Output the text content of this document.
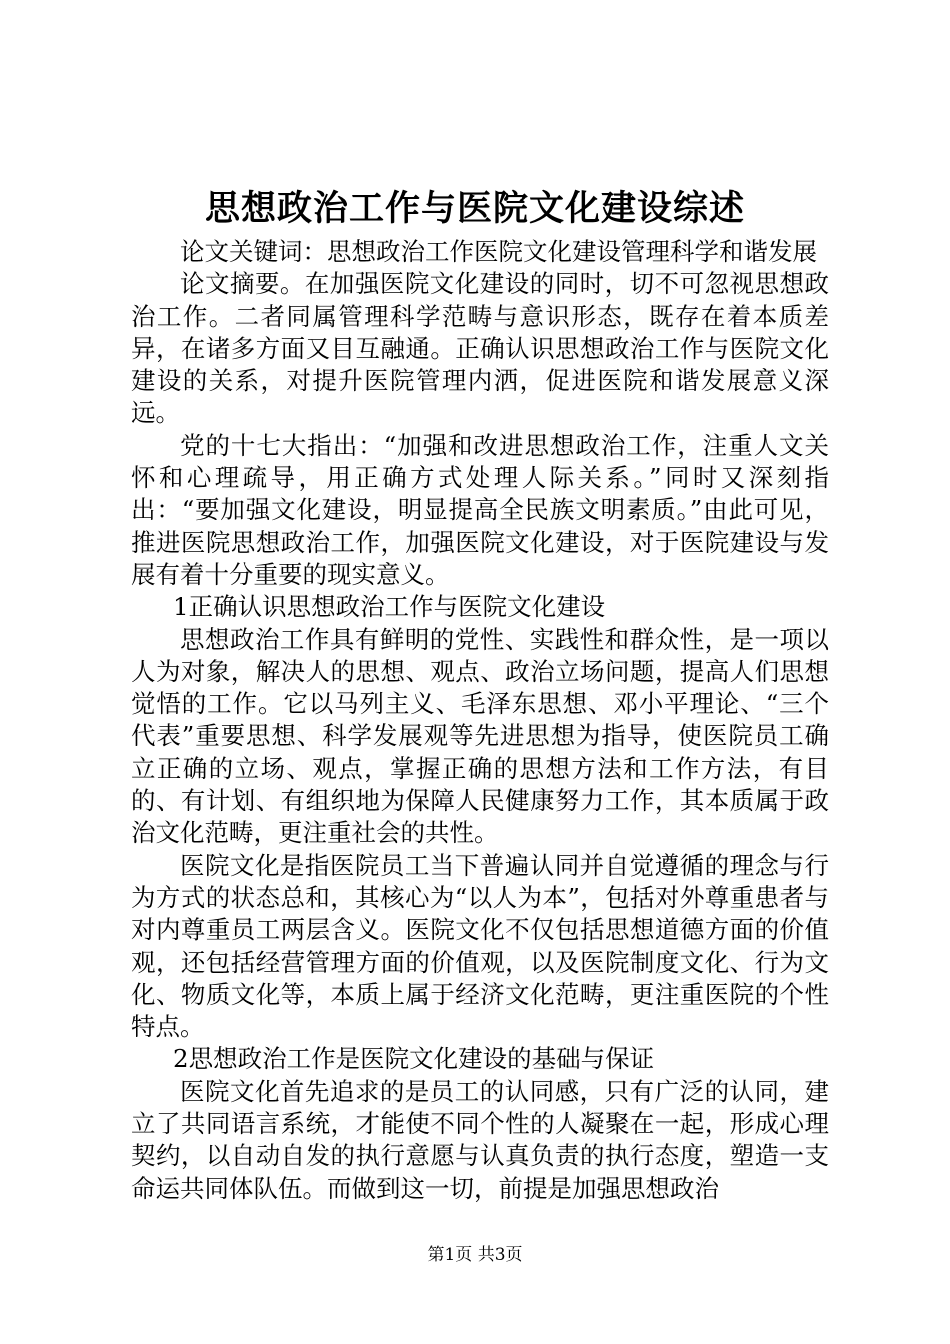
思想政治工作与医院文化建设综述

论文关键词：思想政治工作医院文化建设管理科学和谐发展

论文摘要。在加强医院文化建设的同时，切不可忽视思想政治工作。二者同属管理科学范畴与意识形态，既存在着本质差异，在诸多方面又目互融通。正确认识思想政治工作与医院文化建设的关系，对提升医院管理内洒，促进医院和谐发展意义深远。

党的十七大指出：“加强和改进思想政治工作，注重人文关怀和心理疏导，用正确方式处理人际关系。”同时又深刻指出：“要加强文化建设，明显提高全民族文明素质。”由此可见，推进医院思想政治工作，加强医院文化建设，对于医院建设与发展有着十分重要的现实意义。

1正确认识思想政治工作与医院文化建设

思想政治工作具有鲜明的党性、实践性和群众性，是一项以人为对象，解决人的思想、观点、政治立场问题，提高人们思想觉悟的工作。它以马列主义、毛泽东思想、邓小平理论、“三个代表”重要思想、科学发展观等先进思想为指导，使医院员工确立正确的立场、观点，掌握正确的思想方法和工作方法，有目的、有计划、有组织地为保障人民健康努力工作，其本质属于政治文化范畴，更注重社会的共性。

医院文化是指医院员工当下普遍认同并自觉遵循的理念与行为方式的状态总和，其核心为“以人为本”，包括对外尊重患者与对内尊重员工两层含义。医院文化不仅包括思想道德方面的价值观，还包括经营管理方面的价值观，以及医院制度文化、行为文化、物质文化等，本质上属于经济文化范畴，更注重医院的个性特点。

2思想政治工作是医院文化建设的基础与保证

医院文化首先追求的是员工的认同感，只有广泛的认同，建立了共同语言系统，才能使不同个性的人凝聚在一起，形成心理契约，以自动自发的执行意愿与认真负责的执行态度，塑造一支命运共同体队伍。而做到这一切，前提是加强思想政治

第1页 共3页
